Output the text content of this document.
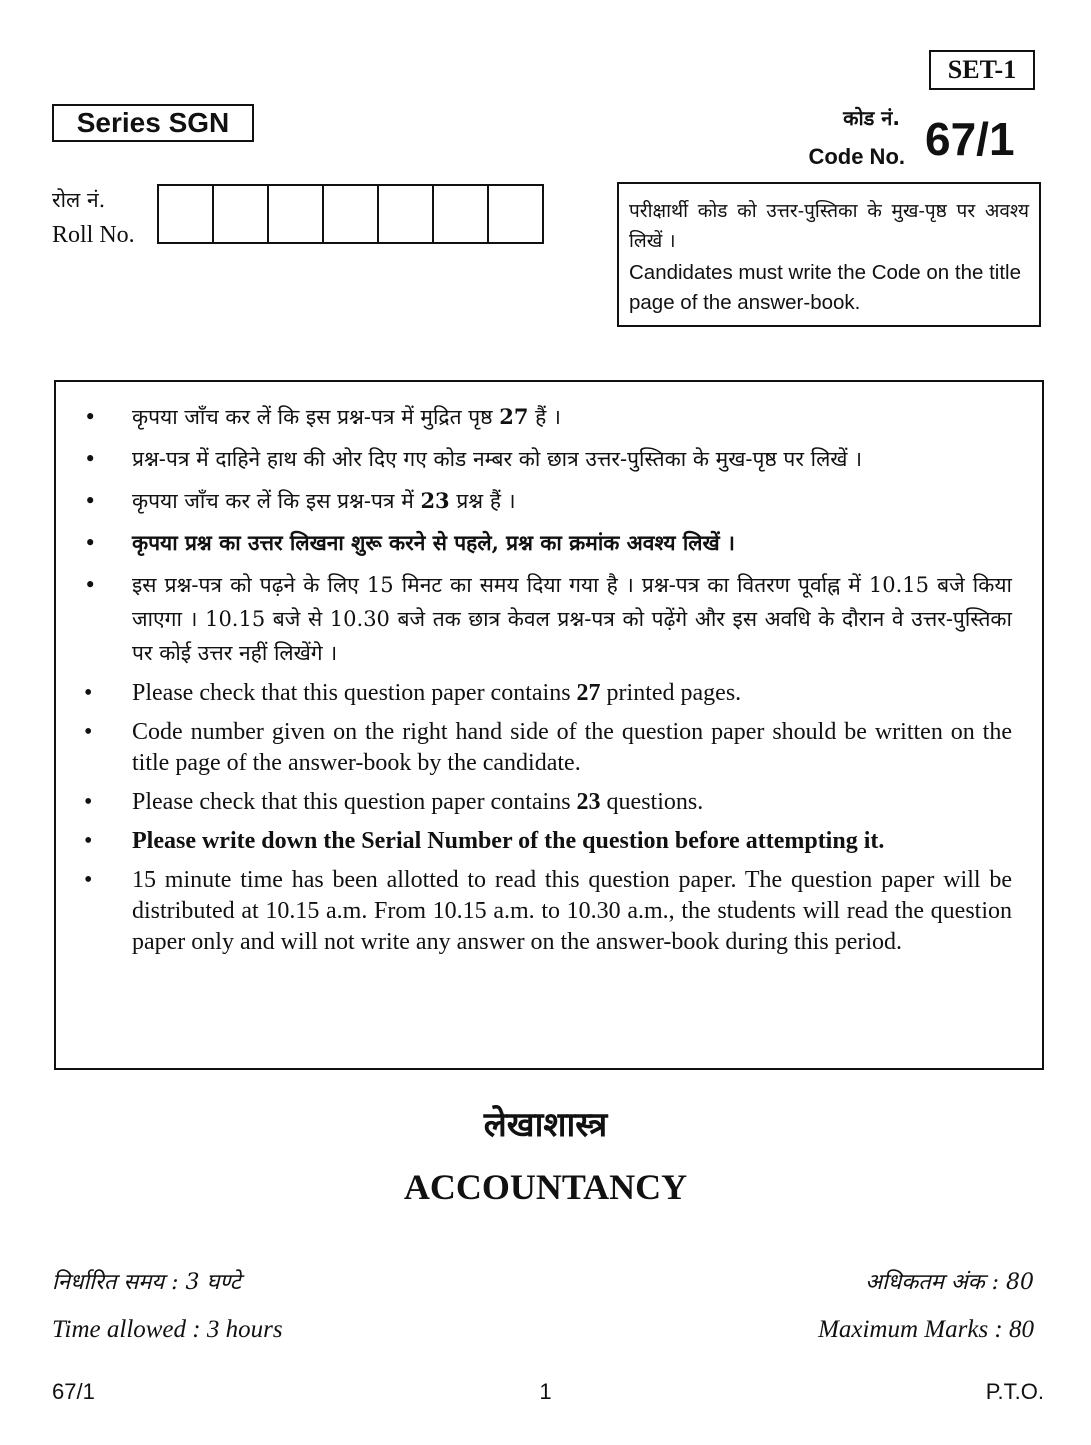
SET-1
Series SGN	कोड नं.
Code No. 67/1
रोल नं.
Roll No.
परीक्षार्थी कोड को उत्तर-पुस्तिका के मुख-पृष्ठ पर अवश्य लिखें ।
Candidates must write the Code on the title page of the answer-book.
• कृपया जाँच कर लें कि इस प्रश्न-पत्र में मुद्रित पृष्ठ 27 हैं ।
• प्रश्न-पत्र में दाहिने हाथ की ओर दिए गए कोड नम्बर को छात्र उत्तर-पुस्तिका के मुख-पृष्ठ पर लिखें ।
• कृपया जाँच कर लें कि इस प्रश्न-पत्र में 23 प्रश्न हैं ।
• कृपया प्रश्न का उत्तर लिखना शुरू करने से पहले, प्रश्न का क्रमांक अवश्य लिखें ।
• इस प्रश्न-पत्र को पढ़ने के लिए 15 मिनट का समय दिया गया है । प्रश्न-पत्र का वितरण पूर्वाह्न में 10.15 बजे किया जाएगा । 10.15 बजे से 10.30 बजे तक छात्र केवल प्रश्न-पत्र को पढ़ेंगे और इस अवधि के दौरान वे उत्तर-पुस्तिका पर कोई उत्तर नहीं लिखेंगे ।
• Please check that this question paper contains 27 printed pages.
• Code number given on the right hand side of the question paper should be written on the title page of the answer-book by the candidate.
• Please check that this question paper contains 23 questions.
• Please write down the Serial Number of the question before attempting it.
• 15 minute time has been allotted to read this question paper. The question paper will be distributed at 10.15 a.m. From 10.15 a.m. to 10.30 a.m., the students will read the question paper only and will not write any answer on the answer-book during this period.
लेखाशास्त्र
ACCOUNTANCY
निर्धारित समय : 3 घण्टे
Time allowed : 3 hours
अधिकतम अंक : 80
Maximum Marks : 80
67/1	1	P.T.O.
